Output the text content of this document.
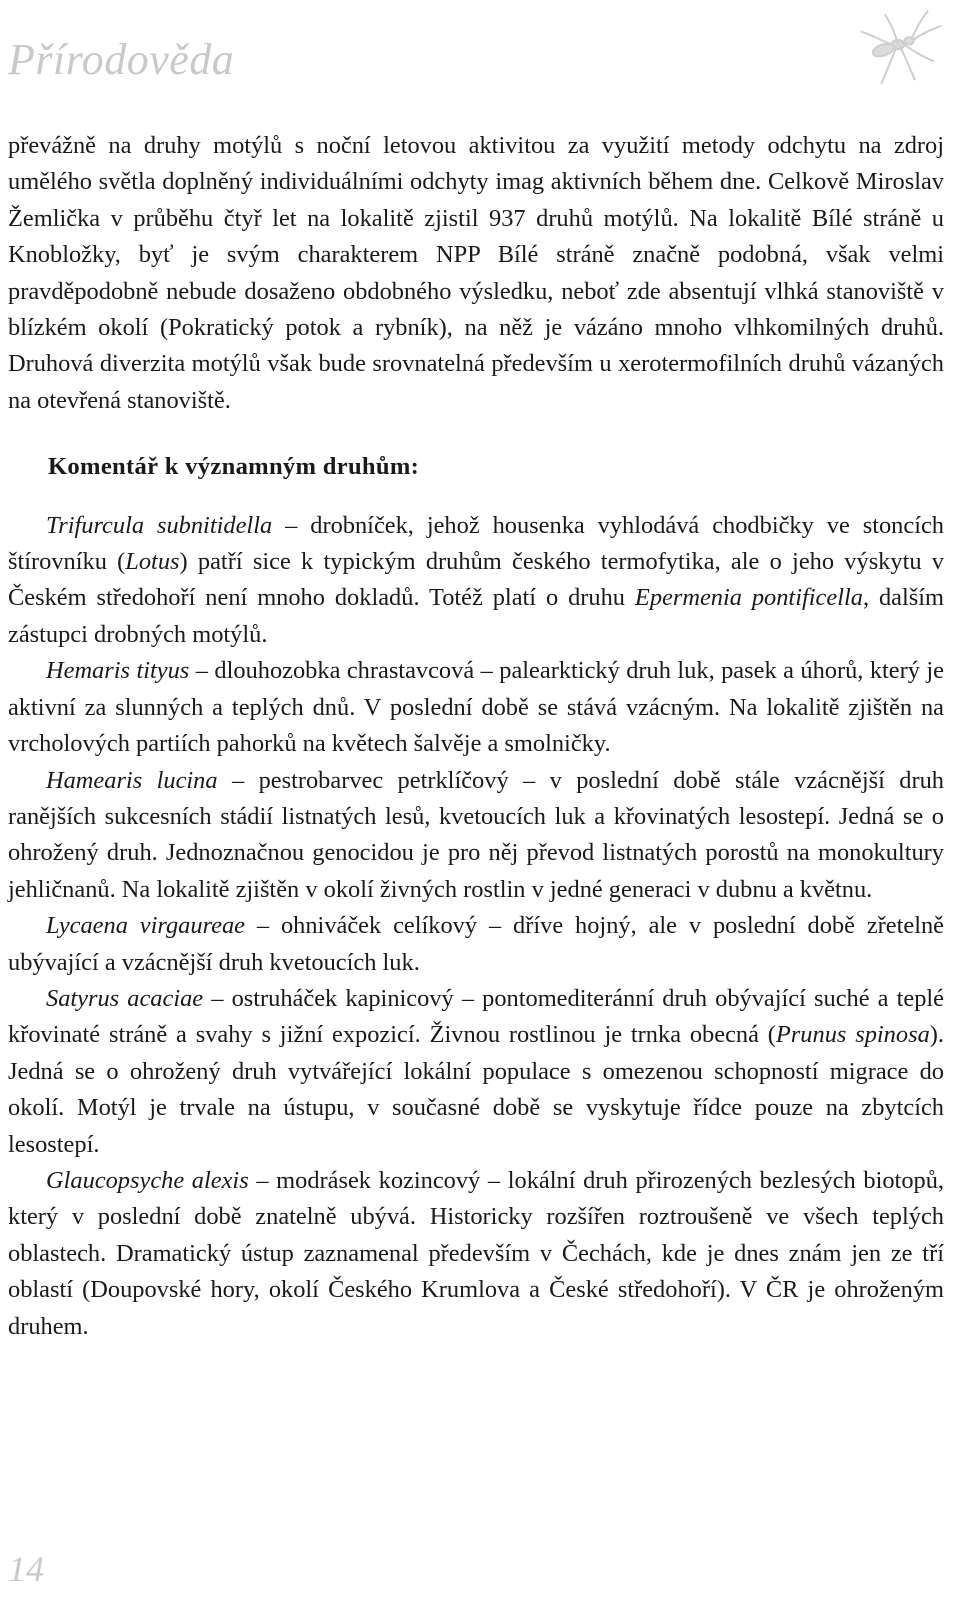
Přírodověda

převážně na druhy motýlů s noční letovou aktivitou za využití metody odchytu na zdroj umělého světla doplněný individuálními odchyty imag aktivních během dne. Celkově Miroslav Žemlička v průběhu čtyř let na lokalitě zjistil 937 druhů motýlů. Na lokalitě Bílé stráně u Knobložky, byť je svým charakterem NPP Bílé stráně značně podobná, však velmi pravděpodobně nebude dosaženo obdobného výsledku, neboť zde absentují vlhká stanoviště v blízkém okolí (Pokratický potok a rybník), na něž je vázáno mnoho vlhkomilných druhů. Druhová diverzita motýlů však bude srovnatelná především u xerotermofilních druhů vázaných na otevřená stanoviště.

Komentář k významným druhům:

Trifurcula subnitidella – drobníček, jehož housenka vyhlodává chodbičky ve stoncích štírovníku (Lotus) patří sice k typickým druhům českého termofytika, ale o jeho výskytu v Českém středohoří není mnoho dokladů. Totéž platí o druhu Epermenia pontificella, dalším zástupci drobných motýlů.

Hemaris tityus – dlouhozobka chrastavcová – palearktický druh luk, pasek a úhorů, který je aktivní za slunných a teplých dnů. V poslední době se stává vzácným. Na lokalitě zjištěn na vrcholových partiích pahorků na květech šalvěje a smolničky.

Hamearis lucina – pestrobarvec petrklíčový – v poslední době stále vzácnější druh ranějších sukcesních stádií listnatých lesů, kvetoucích luk a křovinatých lesostepí. Jedná se o ohrožený druh. Jednoznačnou genocidou je pro něj převod listnatých porostů na monokultury jehličnanů. Na lokalitě zjištěn v okolí živných rostlin v jedné generaci v dubnu a květnu.

Lycaena virgaureae – ohniváček celíkový – dříve hojný, ale v poslední době zřetelně ubývající a vzácnější druh kvetoucích luk.

Satyrus acaciae – ostruháček kapinicový – pontomediteránní druh obývající suché a teplé křovinaté stráně a svahy s jižní expozicí. Živnou rostlinou je trnka obecná (Prunus spinosa). Jedná se o ohrožený druh vytvářející lokální populace s omezenou schopností migrace do okolí. Motýl je trvale na ústupu, v současné době se vyskytuje řídce pouze na zbytcích lesostepí.

Glaucopsyche alexis – modrásek kozincový – lokální druh přirozených bezlesých biotopů, který v poslední době znatelně ubývá. Historicky rozšířen roztroušeně ve všech teplých oblastech. Dramatický ústup zaznamenal především v Čechách, kde je dnes znám jen ze tří oblastí (Doupovské hory, okolí Českého Krumlova a České středohoří). V ČR je ohroženým druhem.

14
